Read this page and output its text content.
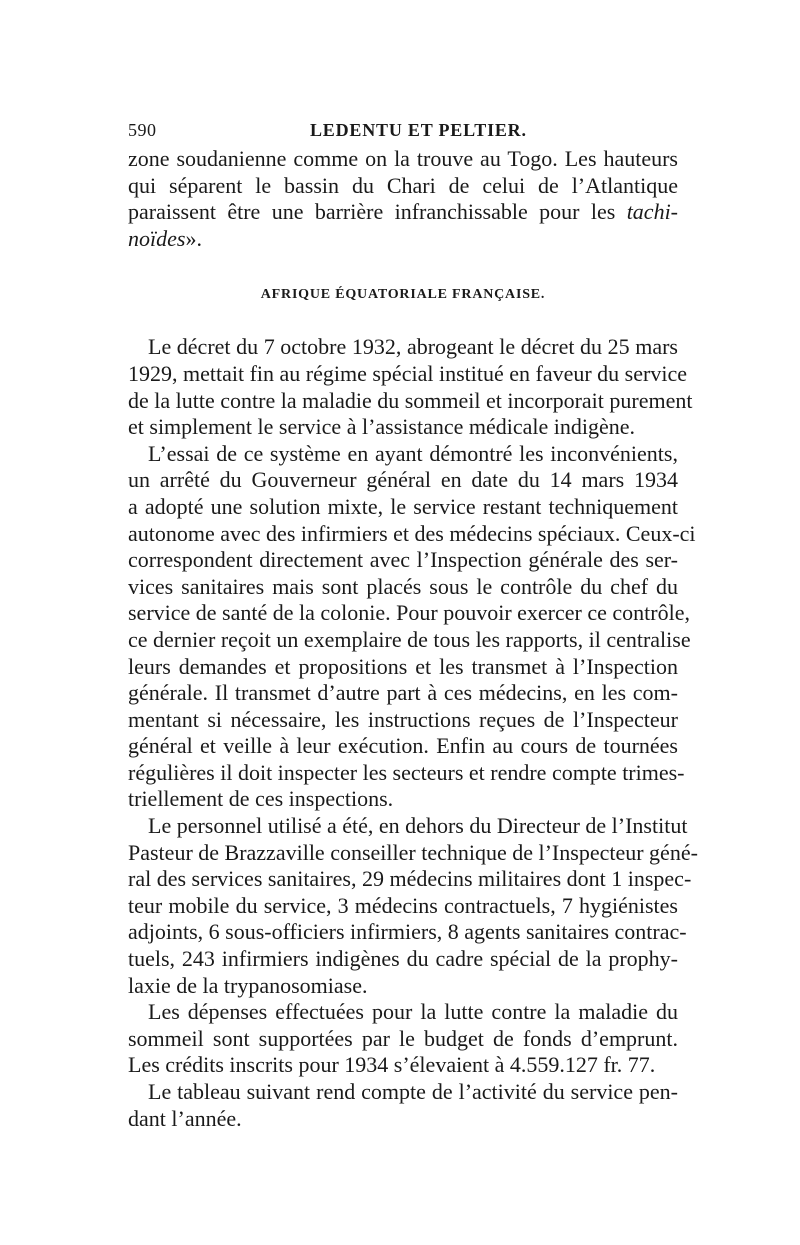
590	LEDENTU ET PELTIER.
zone soudanienne comme on la trouve au Togo. Les hauteurs
qui séparent le bassin du Chari de celui de l’Atlantique
paraissent être une barrière infranchissable pour les tachi-
noïdes».
AFRIQUE ÉQUATORIALE FRANÇAISE.
Le décret du 7 octobre 1932, abrogeant le décret du 25 mars
1929, mettait fin au régime spécial institué en faveur du service
de la lutte contre la maladie du sommeil et incorporait purement
et simplement le service à l’assistance médicale indigène.
L’essai de ce système en ayant démontré les inconvénients,
un arrêté du Gouverneur général en date du 14 mars 1934
a adopté une solution mixte, le service restant techniquement
autonome avec des infirmiers et des médecins spéciaux. Ceux-ci
correspondent directement avec l’Inspection générale des ser-
vices sanitaires mais sont placés sous le contrôle du chef du
service de santé de la colonie. Pour pouvoir exercer ce contrôle,
ce dernier reçoit un exemplaire de tous les rapports, il centralise
leurs demandes et propositions et les transmet à l’Inspection
générale. Il transmet d’autre part à ces médecins, en les com-
mentant si nécessaire, les instructions reçues de l’Inspecteur
général et veille à leur exécution. Enfin au cours de tournées
régulières il doit inspecter les secteurs et rendre compte trimes-
triellement de ces inspections.
Le personnel utilisé a été, en dehors du Directeur de l’Institut
Pasteur de Brazzaville conseiller technique de l’Inspecteur géné-
ral des services sanitaires, 29 médecins militaires dont 1 inspec-
teur mobile du service, 3 médecins contractuels, 7 hygiénistes
adjoints, 6 sous-officiers infirmiers, 8 agents sanitaires contrac-
tuels, 243 infirmiers indigènes du cadre spécial de la prophy-
laxie de la trypanosomiase.
Les dépenses effectuées pour la lutte contre la maladie du
sommeil sont supportées par le budget de fonds d’emprunt.
Les crédits inscrits pour 1934 s’élevaient à 4.559.127 fr. 77.
Le tableau suivant rend compte de l’activité du service pen-
dant l’année.
